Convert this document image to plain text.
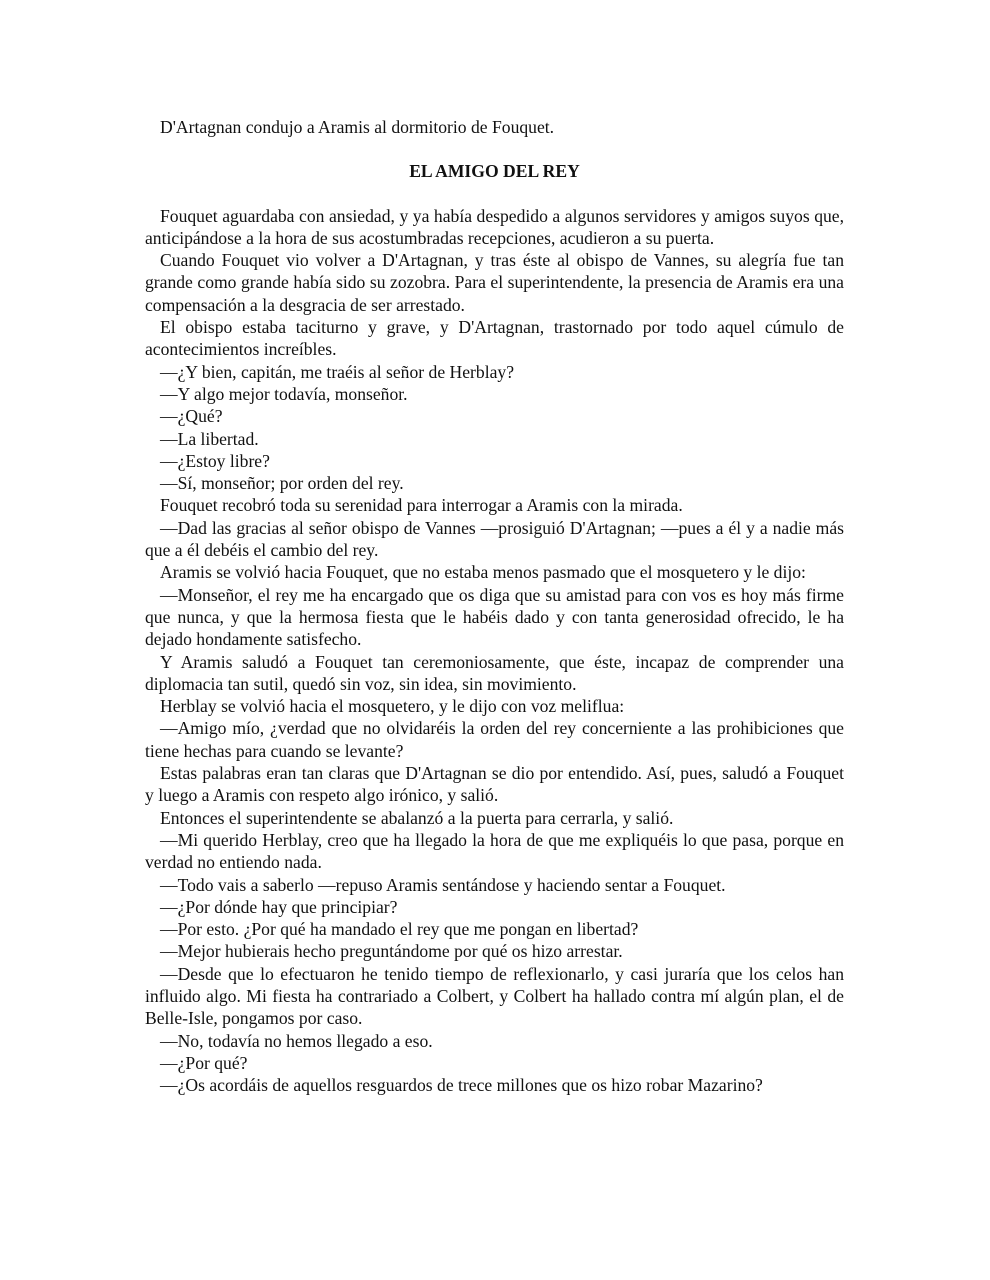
D'Artagnan condujo a Aramis al dormitorio de Fouquet.

EL AMIGO DEL REY

Fouquet aguardaba con ansiedad, y ya había despedido a algunos servidores y amigos suyos que, anticipándose a la hora de sus acostumbradas recepciones, acudieron a su puerta.

Cuando Fouquet vio volver a D'Artagnan, y tras éste al obispo de Vannes, su alegría fue tan grande como grande había sido su zozobra. Para el superintendente, la presencia de Aramis era una compensación a la desgracia de ser arrestado.

El obispo estaba taciturno y grave, y D'Artagnan, trastornado por todo aquel cúmulo de acontecimientos increíbles.

—¿Y bien, capitán, me traéis al señor de Herblay?

—Y algo mejor todavía, monseñor.

—¿Qué?

—La libertad.

—¿Estoy libre?

—Sí, monseñor; por orden del rey.

Fouquet recobró toda su serenidad para interrogar a Aramis con la mirada.

—Dad las gracias al señor obispo de Vannes —prosiguió D'Artagnan; —pues a él y a nadie más que a él debéis el cambio del rey.

Aramis se volvió hacia Fouquet, que no estaba menos pasmado que el mosquetero y le dijo:

—Monseñor, el rey me ha encargado que os diga que su amistad para con vos es hoy más firme que nunca, y que la hermosa fiesta que le habéis dado y con tanta generosidad ofrecido, le ha dejado hondamente satisfecho.

Y Aramis saludó a Fouquet tan ceremoniosamente, que éste, incapaz de comprender una diplomacia tan sutil, quedó sin voz, sin idea, sin movimiento.

Herblay se volvió hacia el mosquetero, y le dijo con voz meliflua:

—Amigo mío, ¿verdad que no olvidaréis la orden del rey concerniente a las prohibiciones que tiene hechas para cuando se levante?

Estas palabras eran tan claras que D'Artagnan se dio por entendido. Así, pues, saludó a Fouquet y luego a Aramis con respeto algo irónico, y salió.

Entonces el superintendente se abalanzó a la puerta para cerrarla, y salió.

—Mi querido Herblay, creo que ha llegado la hora de que me expliquéis lo que pasa, porque en verdad no entiendo nada.

—Todo vais a saberlo —repuso Aramis sentándose y haciendo sentar a Fouquet.

—¿Por dónde hay que principiar?

—Por esto. ¿Por qué ha mandado el rey que me pongan en libertad?

—Mejor hubierais hecho preguntándome por qué os hizo arrestar.

—Desde que lo efectuaron he tenido tiempo de reflexionarlo, y casi juraría que los celos han influido algo. Mi fiesta ha contrariado a Colbert, y Colbert ha hallado contra mí algún plan, el de Belle-Isle, pongamos por caso.

—No, todavía no hemos llegado a eso.

—¿Por qué?

—¿Os acordáis de aquellos resguardos de trece millones que os hizo robar Mazarino?
